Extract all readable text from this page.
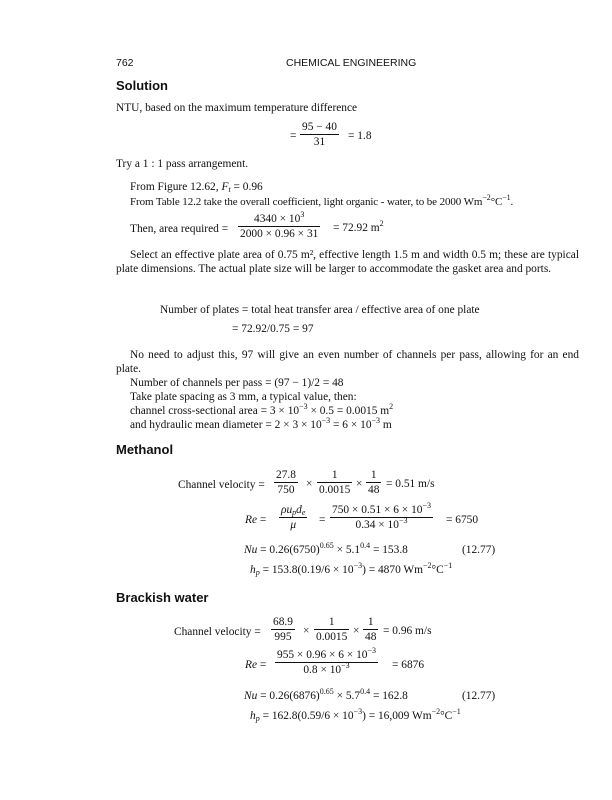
762	CHEMICAL ENGINEERING
Solution
NTU, based on the maximum temperature difference
= $\frac{95 - 40}{31} = 1.8$
Try a 1 : 1 pass arrangement.
From Figure 12.62, $F_t = 0.96$
From Table 12.2 take the overall coefficient, light organic - water, to be 2000 $Wm^{-2}^\circ C^{-1}$.
Then, area required = $\frac{4340 \times 10^3}{2000 \times 0.96 \times 31} = 72.92$ $m^2$
Select an effective plate area of 0.75 m², effective length 1.5 m and width 0.5 m; these are typical plate dimensions. The actual plate size will be larger to accommodate the gasket area and ports.
Number of plates = total heat transfer area / effective area of one plate
= 72.92/0.75 = 97
No need to adjust this, 97 will give an even number of channels per pass, allowing for an end plate.
Number of channels per pass = (97 − 1)/2 = 48
Take plate spacing as 3 mm, a typical value, then:
channel cross-sectional area = $3 \times 10^{-3} \times 0.5 = 0.0015$ $m^2$
and hydraulic mean diameter = $2 \times 3 \times 10^{-3} = 6 \times 10^{-3}$ m
Methanol
Channel velocity = $\frac{27.8}{750} \times \frac{1}{0.0015} \times \frac{1}{48} = 0.51$ m/s
Re =
$\rho u_pd_e$
μ	= $\frac{750 \times 0.51 \times 6 \times 10^{-3}}{0.34 \times 10^{-3}} = 6750$
$Nu = 0.26(6750)^{0.65} \times 5.1^{0.4} = 153.8$	(12.77)
$h_p = 153.8(0.19/6 \times 10^{-3}) = 4870$ $Wm^{-2}^\circ C^{-1}$
Brackish water
Channel velocity = $\frac{68.9}{995} \times \frac{1}{0.0015} \times \frac{1}{48} = 0.96$ m/s
$Re = \frac{955 \times 0.96 \times 6 \times 10^{-3}}{0.8 \times 10^{-3}} = 6876$
$Nu = 0.26(6876)^{0.65} \times 5.7^{0.4} = 162.8$	(12.77)
$h_p = 162.8(0.59/6 \times 10^{-3}) = 16,009$ $Wm^{-2}^\circ C^{-1}$
